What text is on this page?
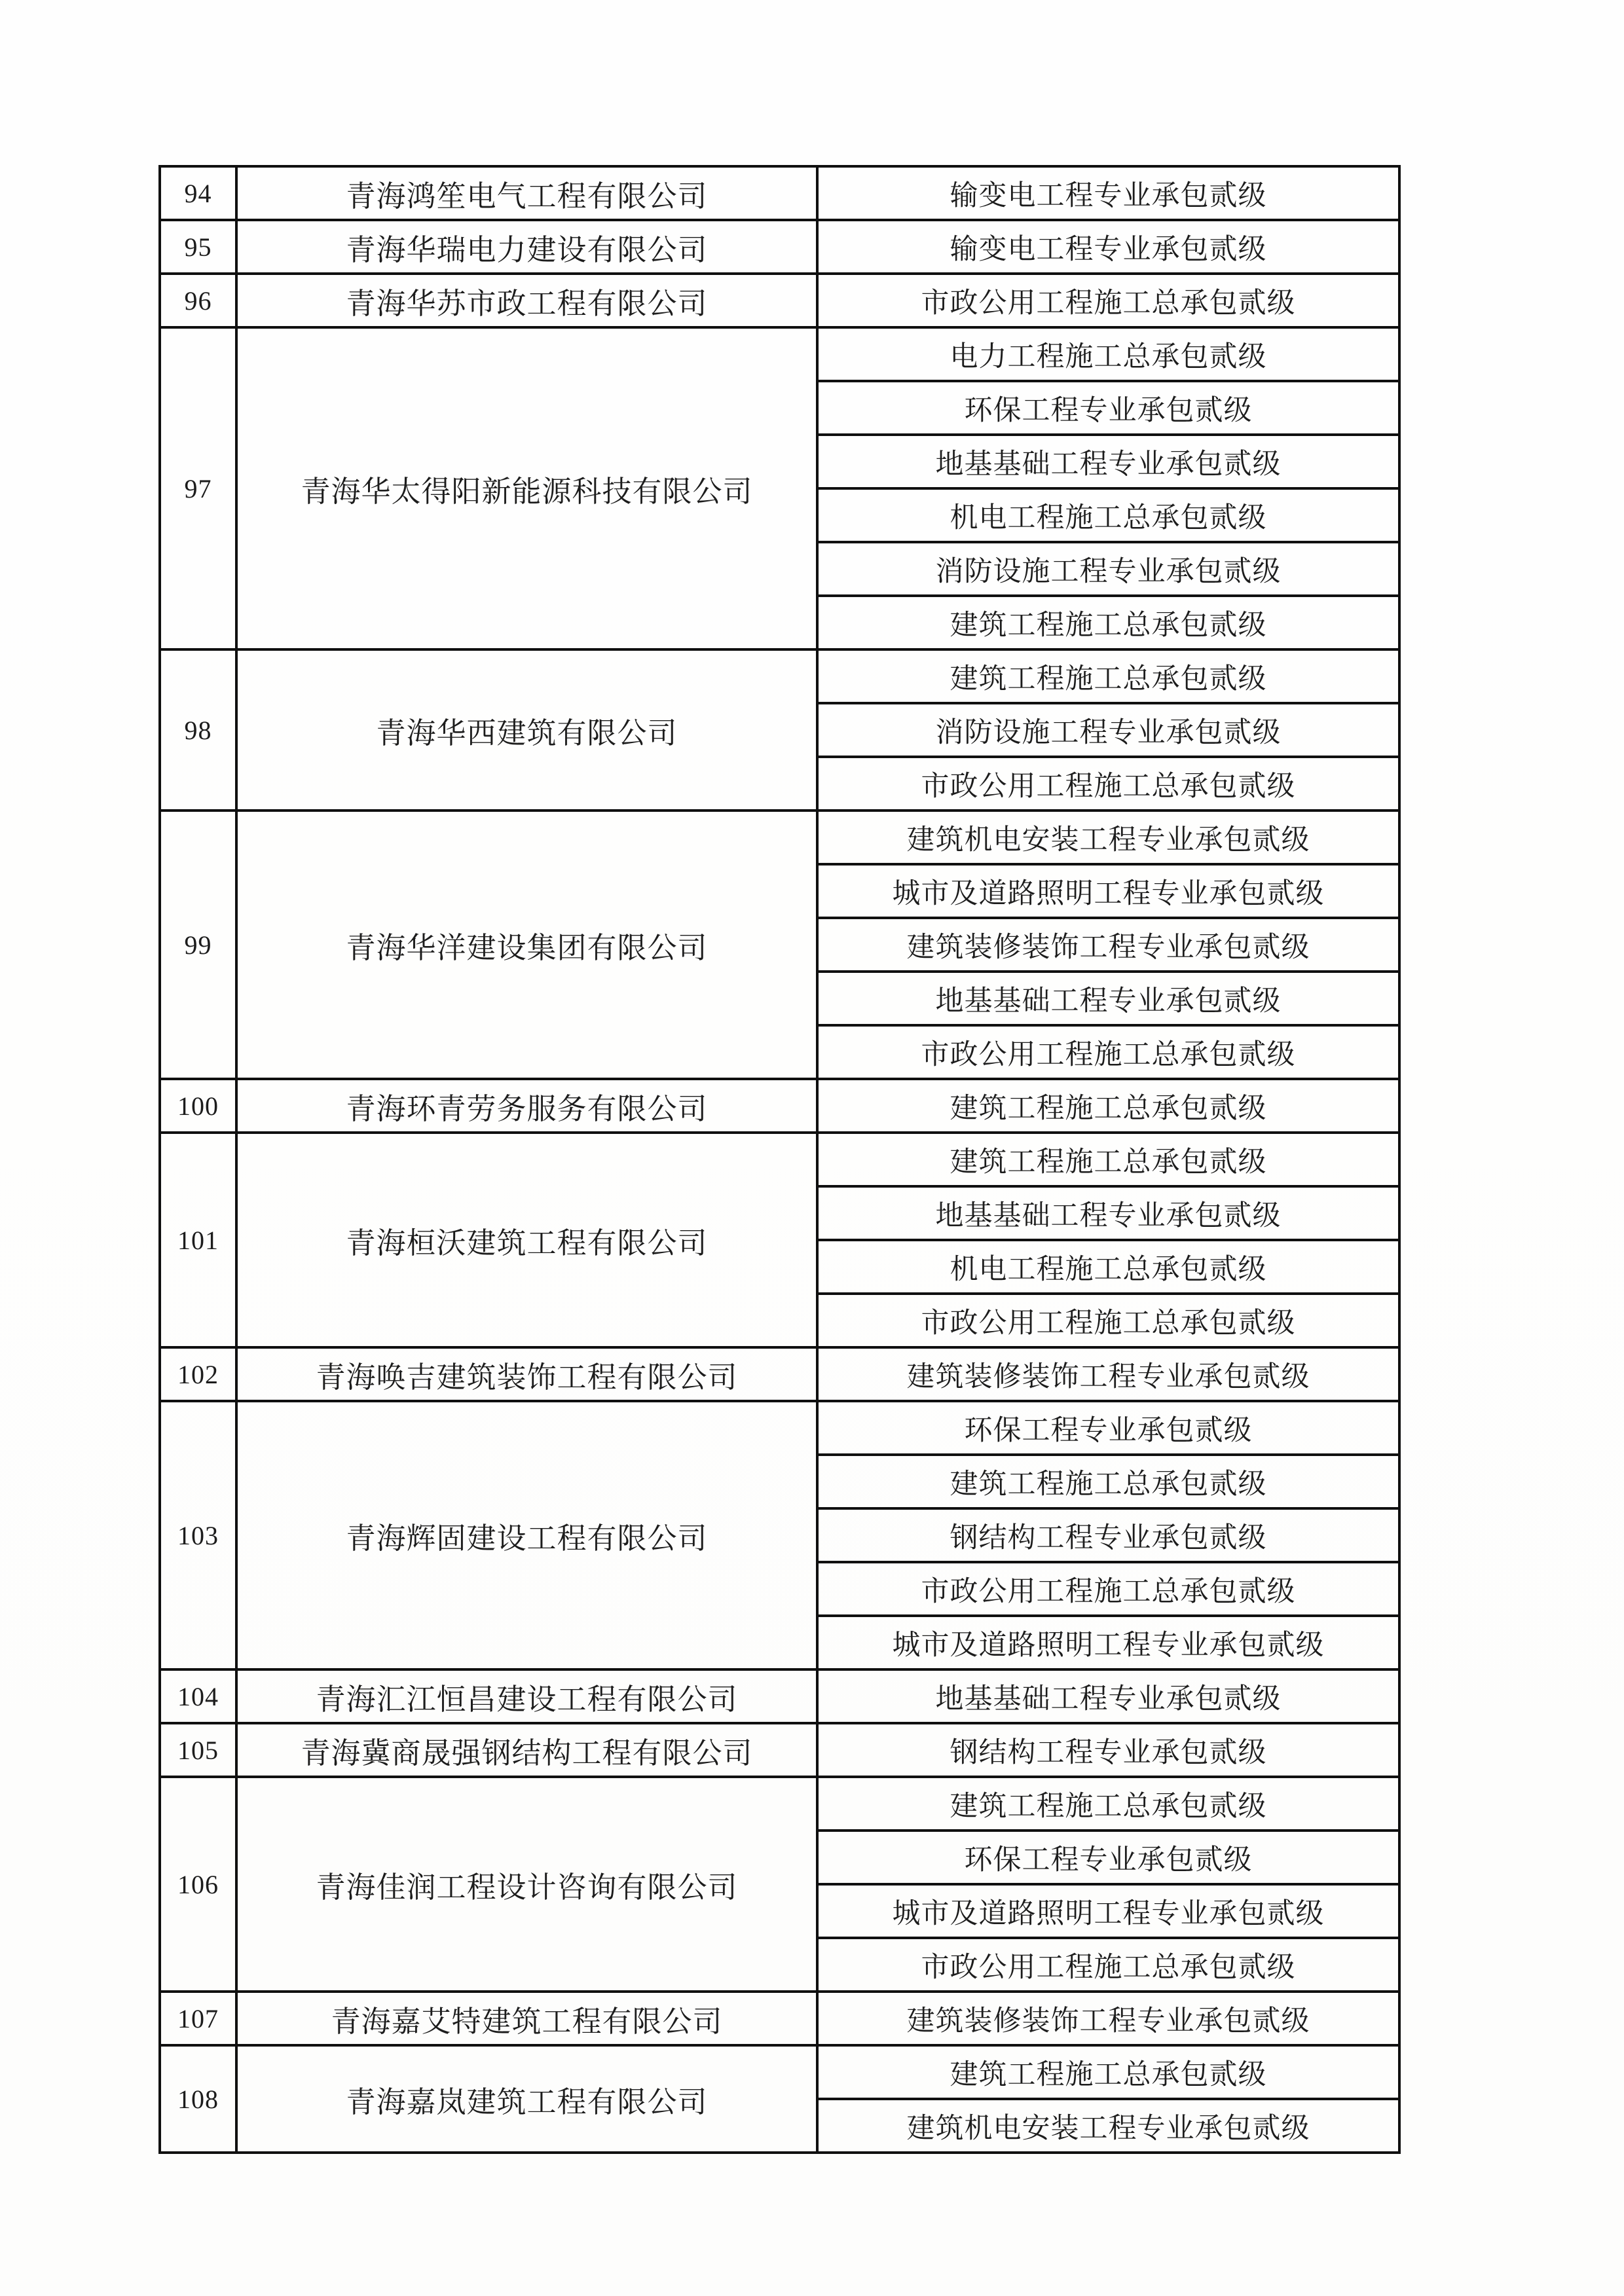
94	青海鸿笙电气工程有限公司	输变电工程专业承包贰级
95	青海华瑞电力建设有限公司	输变电工程专业承包贰级
96	青海华苏市政工程有限公司	市政公用工程施工总承包贰级
97	青海华太得阳新能源科技有限公司	电力工程施工总承包贰级
		环保工程专业承包贰级
		地基基础工程专业承包贰级
		机电工程施工总承包贰级
		消防设施工程专业承包贰级
		建筑工程施工总承包贰级
98	青海华西建筑有限公司	建筑工程施工总承包贰级
		消防设施工程专业承包贰级
		市政公用工程施工总承包贰级
99	青海华洋建设集团有限公司	建筑机电安装工程专业承包贰级
		城市及道路照明工程专业承包贰级
		建筑装修装饰工程专业承包贰级
		地基基础工程专业承包贰级
		市政公用工程施工总承包贰级
100	青海环青劳务服务有限公司	建筑工程施工总承包贰级
101	青海桓沃建筑工程有限公司	建筑工程施工总承包贰级
		地基基础工程专业承包贰级
		机电工程施工总承包贰级
		市政公用工程施工总承包贰级
102	青海唤吉建筑装饰工程有限公司	建筑装修装饰工程专业承包贰级
103	青海辉固建设工程有限公司	环保工程专业承包贰级
		建筑工程施工总承包贰级
		钢结构工程专业承包贰级
		市政公用工程施工总承包贰级
		城市及道路照明工程专业承包贰级
104	青海汇江恒昌建设工程有限公司	地基基础工程专业承包贰级
105	青海冀商晟强钢结构工程有限公司	钢结构工程专业承包贰级
106	青海佳润工程设计咨询有限公司	建筑工程施工总承包贰级
		环保工程专业承包贰级
		城市及道路照明工程专业承包贰级
		市政公用工程施工总承包贰级
107	青海嘉艾特建筑工程有限公司	建筑装修装饰工程专业承包贰级
108	青海嘉岚建筑工程有限公司	建筑工程施工总承包贰级
		建筑机电安装工程专业承包贰级
